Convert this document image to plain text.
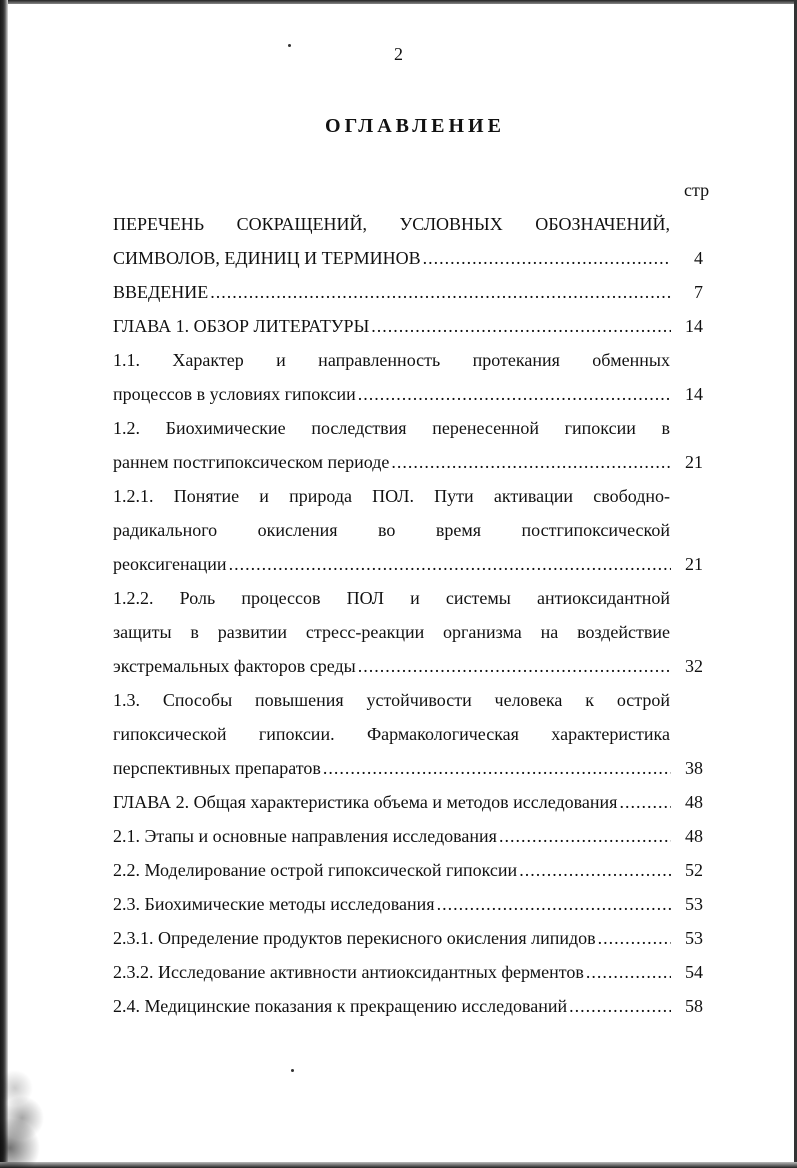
2
ОГЛАВЛЕНИЕ
стр
ПЕРЕЧЕНЬ СОКРАЩЕНИЙ, УСЛОВНЫХ ОБОЗНАЧЕНИЙ,
СИМВОЛОВ, ЕДИНИЦ И ТЕРМИНОВ .....	4
ВВЕДЕНИЕ .....	7
ГЛАВА 1. ОБЗОР ЛИТЕРАТУРЫ .....	14
1.1. Характер и направленность протекания обменных
процессов в условиях гипоксии .....	14
1.2. Биохимические последствия перенесенной гипоксии в
раннем постгипоксическом периоде .....	21
1.2.1. Понятие и природа ПОЛ. Пути активации свободно-
радикального окисления во время постгипоксической
реоксигенации .....	21
1.2.2. Роль процессов ПОЛ и системы антиоксидантной
защиты в развитии стресс-реакции организма на воздействие
экстремальных факторов среды .....	32
1.3. Способы повышения устойчивости человека к острой
гипоксической гипоксии. Фармакологическая характеристика
перспективных препаратов .....	38
ГЛАВА 2. Общая характеристика объема и методов исследования .....	48
2.1. Этапы и основные направления исследования .....	48
2.2. Моделирование острой гипоксической гипоксии .....	52
2.3. Биохимические методы исследования .....	53
2.3.1. Определение продуктов перекисного окисления липидов .....	53
2.3.2. Исследование активности антиоксидантных ферментов .....	54
2.4. Медицинские показания к прекращению исследований .....	58
